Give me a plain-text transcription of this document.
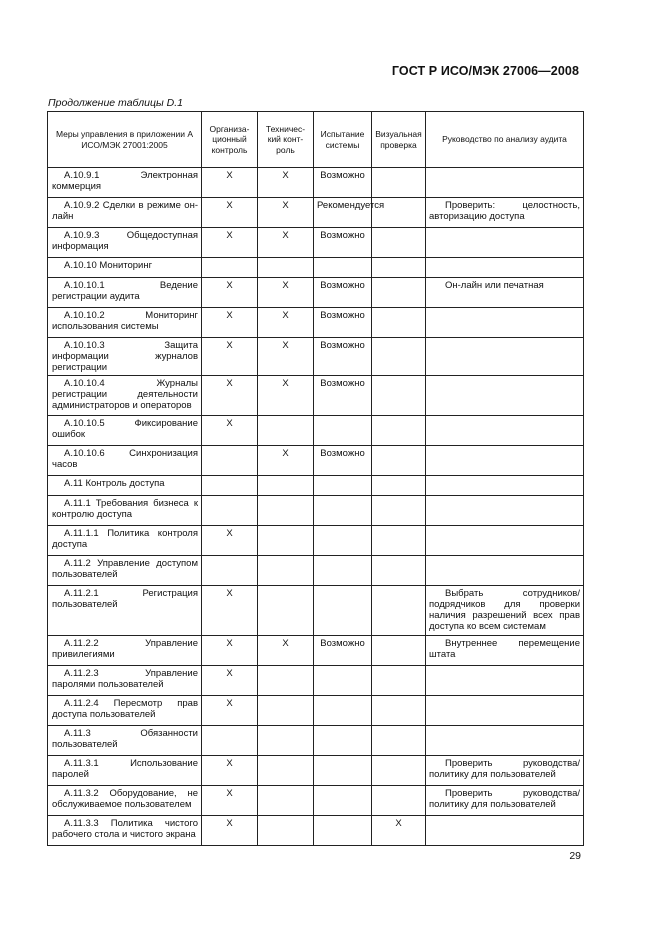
ГОСТ Р ИСО/МЭК 27006—2008
Продолжение таблицы D.1
Меры управления в приложении А ИСО/МЭК 27001:2005	Организа-ционный контроль	Техничес-кий конт-роль	Испытание системы	Визуальная проверка	Руководство по анализу аудита
А.10.9.1 Электронная коммерция	Х	Х	Возможно		
А.10.9.2 Сделки в режиме он-лайн	Х	Х	Рекомендуется		Проверить: целостность, авторизацию доступа
А.10.9.3 Общедоступная информация	Х	Х	Возможно		
А.10.10 Мониторинг					
А.10.10.1 Ведение регистрации аудита	Х	Х	Возможно		Он-лайн или печатная
А.10.10.2 Мониторинг использования системы	Х	Х	Возможно		
А.10.10.3 Защита информации журналов регистрации	Х	Х	Возможно		
А.10.10.4 Журналы регистрации деятельности администраторов и операторов	Х	Х	Возможно		
А.10.10.5 Фиксирование ошибок	Х				
А.10.10.6 Синхронизация часов		Х	Возможно		
А.11 Контроль доступа					
А.11.1 Требования бизнеса к контролю доступа					
А.11.1.1 Политика контроля доступа	Х				
А.11.2 Управление доступом пользователей					
А.11.2.1 Регистрация пользователей	Х				Выбрать сотрудников/подрядчиков для проверки наличия разрешений всех прав доступа ко всем системам
А.11.2.2 Управление привилегиями	Х	Х	Возможно		Внутреннее перемещение штата
А.11.2.3 Управление паролями пользователей	Х				
А.11.2.4 Пересмотр прав доступа пользователей	Х				
А.11.3 Обязанности пользователей					
А.11.3.1 Использование паролей	Х				Проверить руководства/политику для пользователей
А.11.3.2 Оборудование, не обслуживаемое пользователем	Х				Проверить руководства/политику для пользователей
А.11.3.3 Политика чистого рабочего стола и чистого экрана	Х			Х	
29
